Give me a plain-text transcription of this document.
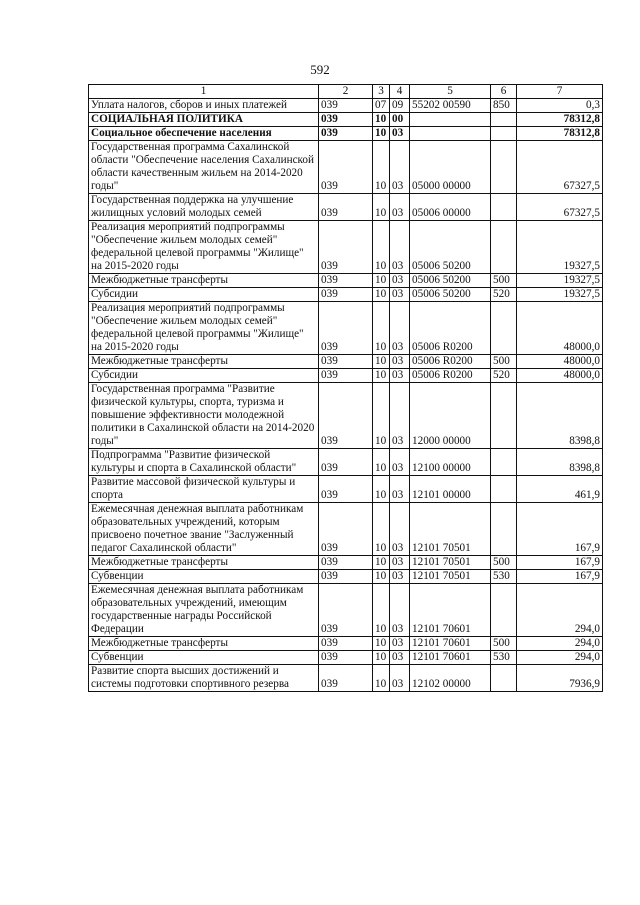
592
1	2	3	4	5	6	7
Уплата налогов, сборов и иных платежей	039	07	09	55202 00590	850	0,3
СОЦИАЛЬНАЯ ПОЛИТИКА	039	10	00			78312,8
Социальное обеспечение населения	039	10	03			78312,8
Государственная программа Сахалинской области "Обеспечение населения Сахалинской области качественным жильем на 2014-2020 годы"	039	10	03	05000 00000		67327,5
Государственная поддержка на улучшение жилищных условий молодых семей	039	10	03	05006 00000		67327,5
Реализация мероприятий подпрограммы "Обеспечение жильем молодых семей" федеральной целевой программы "Жилище" на 2015-2020 годы	039	10	03	05006 50200		19327,5
Межбюджетные трансферты	039	10	03	05006 50200	500	19327,5
Субсидии	039	10	03	05006 50200	520	19327,5
Реализация мероприятий подпрограммы "Обеспечение жильем молодых семей" федеральной целевой программы "Жилище" на 2015-2020 годы	039	10	03	05006 R0200		48000,0
Межбюджетные трансферты	039	10	03	05006 R0200	500	48000,0
Субсидии	039	10	03	05006 R0200	520	48000,0
Государственная программа "Развитие физической культуры, спорта, туризма и повышение эффективности молодежной политики в Сахалинской области на 2014-2020 годы"	039	10	03	12000 00000		8398,8
Подпрограмма "Развитие физической культуры и спорта в Сахалинской области"	039	10	03	12100 00000		8398,8
Развитие массовой физической культуры и спорта	039	10	03	12101 00000		461,9
Ежемесячная денежная выплата работникам образовательных учреждений, которым присвоено почетное звание "Заслуженный педагог Сахалинской области"	039	10	03	12101 70501		167,9
Межбюджетные трансферты	039	10	03	12101 70501	500	167,9
Субвенции	039	10	03	12101 70501	530	167,9
Ежемесячная денежная выплата работникам образовательных учреждений, имеющим государственные награды Российской Федерации	039	10	03	12101 70601		294,0
Межбюджетные трансферты	039	10	03	12101 70601	500	294,0
Субвенции	039	10	03	12101 70601	530	294,0
Развитие спорта высших достижений и системы подготовки спортивного резерва	039	10	03	12102 00000		7936,9
